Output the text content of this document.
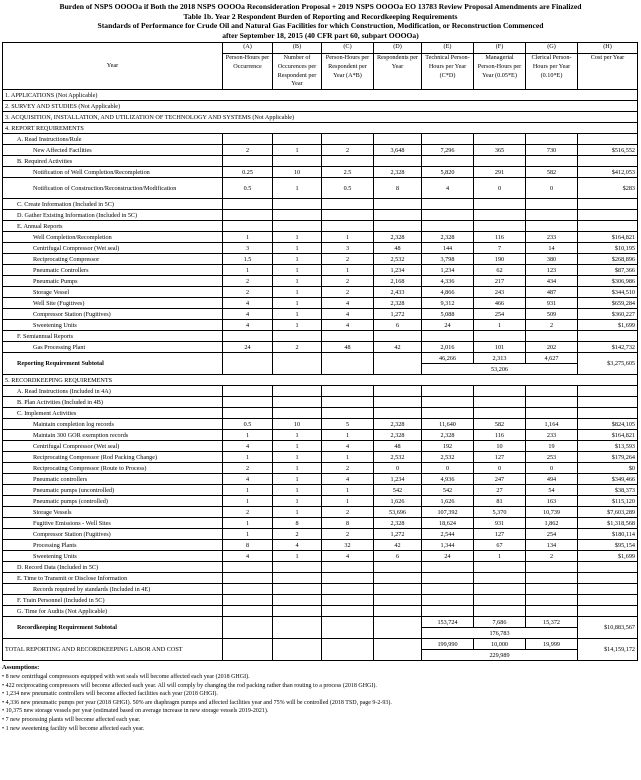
Burden of NSPS OOOOa if Both the 2018 NSPS OOOOa Reconsideration Proposal + 2019 NSPS OOOOa EO 13783 Review Proposal Amendments are Finalized
Table 1b. Year 2 Respondent Burden of Reporting and Recordkeeping Requirements
Standards of Performance for Crude Oil and Natural Gas Facilities for which Construction, Modification, or Reconstruction Commenced
after September 18, 2015 (40 CFR part 60, subpart OOOOa)
Year	(A)	(B)	(C)	(D)	(E)	(F)	(G)	(H)
	Person-Hours per Occurrence	Number of Occurences per Respondent per Year	Person-Hours per Respondent per Year (A*B)	Respondents per Year	Technical Person-Hours per Year (C*D)	Managerial Person-Hours per Year (0.05*E)	Clerical Person-Hours per Year (0.10*E)	Cost per Year
1. APPLICATIONS (Not Applicable)								
2. SURVEY AND STUDIES (Not Applicable)								
3. ACQUISITION, INSTALLATION, AND UTILIZATION OF TECHNOLOGY AND SYSTEMS (Not Applicable)								
4. REPORT REQUIREMENTS								
A. Read Instructions/Rule								
New Affected Facilities	2	1	2	3,648	7,296	365	730	$516,552
B. Required Activities								
Notification of Well Completion/Recompletion	0.25	10	2.5	2,328	5,820	291	582	$412,053
Notification of Construction/Reconstruction/Modification	0.5	1	0.5	8	4	0	0	$283
C. Create Information (Included in 5C)								
D. Gather Existing Information (Included in 5C)								
E. Annual Reports								
Well Completion/Recompletion	1	1	1	2,328	2,328	116	233	$164,821
Centrifugal Compressor (Wet seal)	3	1	3	48	144	7	14	$10,195
Reciprocating Compressor	1.5	1	2	2,532	3,798	190	380	$268,896
Pneumatic Controllers	1	1	1	1,234	1,234	62	123	$87,366
Pneumatic Pumps	2	1	2	2,168	4,336	217	434	$306,986
Storage Vessel	2	1	2	2,433	4,866	243	487	$344,510
Well Site (Fugitives)	4	1	4	2,328	9,312	466	931	$659,284
Compressor Station (Fugitives)	4	1	4	1,272	5,088	254	509	$360,227
Sweetening Units	4	1	4	6	24	1	2	$1,699
F. Semiannual Reports								
Gas Processing Plant	24	2	48	42	2,016	101	202	$142,732
Reporting Requirement Subtotal					46,266	2,313	4,627	$3,275,605
					53,206			
5. RECORDKEEPING REQUIREMENTS								
A. Read Instructions (Included in 4A)								
B. Plan Activities (Included in 4B)								
C. Implement Activities								
Maintain completion log records	0.5	10	5	2,328	11,640	582	1,164	$824,105
Maintain 300 GOR exemption records	1	1	1	2,328	2,328	116	233	$164,821
Centrifugal Compressor (Wet seal)	4	1	4	48	192	10	19	$13,593
Reciprocating Compressor (Rod Packing Change)	1	1	1	2,532	2,532	127	253	$179,264
Reciprocating Compressor (Route to Process)	2	1	2	0	0	0	0	$0
Pneumatic controllers	4	1	4	1,234	4,936	247	494	$349,466
Pneumatic pumps (uncontrolled)	1	1	1	542	542	27	54	$38,373
Pneumatic pumps (controlled)	1	1	1	1,626	1,626	81	163	$115,120
Storage Vessels	2	1	2	53,696	107,392	5,370	10,739	$7,603,289
Fugitive Emissions - Well Sites	1	8	8	2,328	18,624	931	1,862	$1,318,568
Compressor Station (Fugitives)	1	2	2	1,272	2,544	127	254	$180,114
Processing Plants	8	4	32	42	1,344	67	134	$95,154
Sweetening Units	4	1	4	6	24	1	2	$1,699
D. Record Data (Included in 5C)								
E. Time to Transmit or Disclose Information								
Records required by standards (Included in 4E)								
F. Train Personnel (Included in 5C)								
G. Time for Audits (Not Applicable)								
Recordkeeping Requirement Subtotal					153,724	7,686	15,372	$10,883,567
					176,783			
TOTAL REPORTING AND RECORDKEEPING LABOR AND COST					199,990	10,000	19,999	$14,159,172
					229,989			
Assumptions:
• 8 new centrifugal compressors equipped with wet seals will become affected each year (2018 GHGI).
• 422 reciprocating compressors will become affected each year. All will comply by changing the rod packing rather than routing to a process (2018 GHGI).
• 1,234 new pneumatic controllers will become affected facilities each year (2018 GHGI).
• 4,336 new pneumatic pumps per year (2018 GHGI). 50% are diaphragm pumps and affected facilities year and 75% will be controlled (2018 TSD, page 9-2-93).
• 10,375 new storage vessels per year (estimated based on average increase in new storage vessels 2019-2021).
• 7 new processing plants will become affected each year.
• 1 new sweetening facility will become affected each year.
